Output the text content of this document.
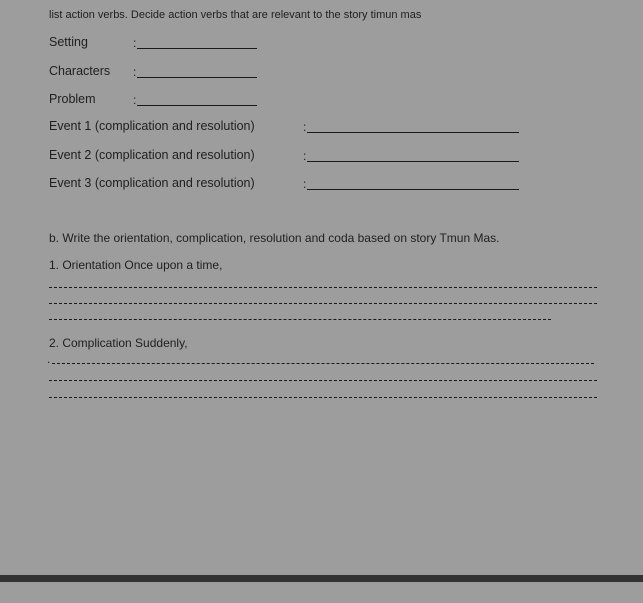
list action verbs. Decide action verbs that are relevant to the story timun mas
Setting	:
Characters :
Problem	:
Event 1 (complication and resolution)	:
Event 2 (complication and resolution)	:
Event 3 (complication and resolution)	:
b. Write the orientation, complication, resolution and coda based on story Tmun Mas.
1. Orientation Once upon a time,
2. Complication Suddenly,
.
